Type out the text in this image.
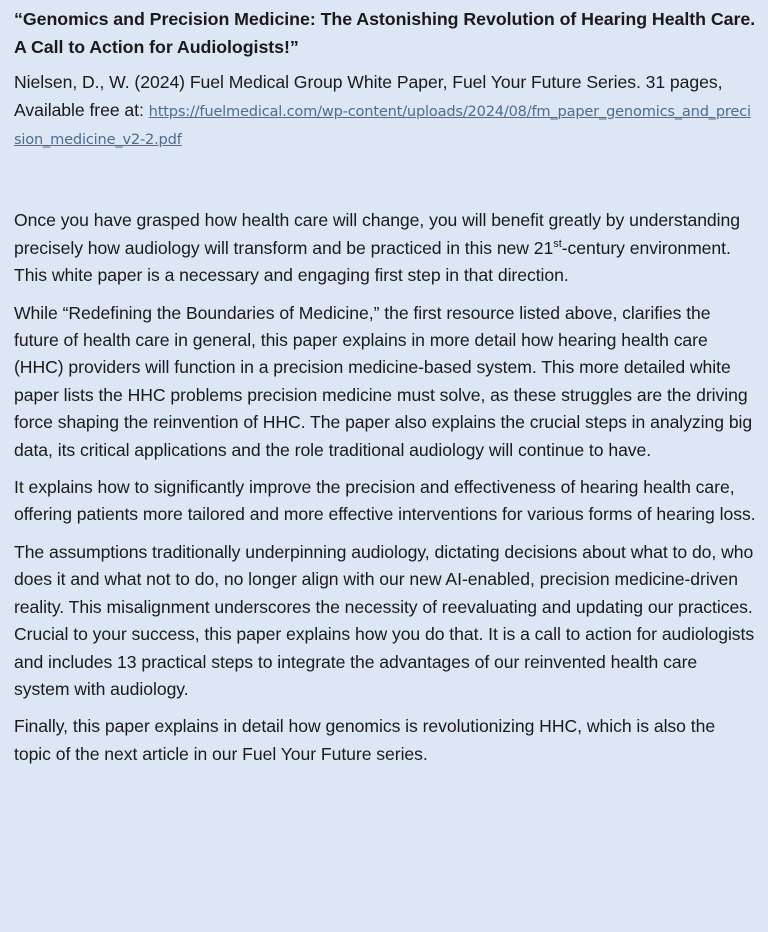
“Genomics and Precision Medicine: The Astonishing Revolution of Hearing Health Care. A Call to Action for Audiologists!”

Nielsen, D., W. (2024) Fuel Medical Group White Paper, Fuel Your Future Series. 31 pages, Available free at: https://fuelmedical.com/wp-content/uploads/2024/08/fm_paper_genomics_and_precision_medicine_v2-2.pdf

Once you have grasped how health care will change, you will benefit greatly by understanding precisely how audiology will transform and be practiced in this new 21st-century environment. This white paper is a necessary and engaging first step in that direction.

While “Redefining the Boundaries of Medicine,” the first resource listed above, clarifies the future of health care in general, this paper explains in more detail how hearing health care (HHC) providers will function in a precision medicine-based system. This more detailed white paper lists the HHC problems precision medicine must solve, as these struggles are the driving force shaping the reinvention of HHC. The paper also explains the crucial steps in analyzing big data, its critical applications and the role traditional audiology will continue to have.

It explains how to significantly improve the precision and effectiveness of hearing health care, offering patients more tailored and more effective interventions for various forms of hearing loss.

The assumptions traditionally underpinning audiology, dictating decisions about what to do, who does it and what not to do, no longer align with our new AI-enabled, precision medicine-driven reality. This misalignment underscores the necessity of reevaluating and updating our practices. Crucial to your success, this paper explains how you do that. It is a call to action for audiologists and includes 13 practical steps to integrate the advantages of our reinvented health care system with audiology.

Finally, this paper explains in detail how genomics is revolutionizing HHC, which is also the topic of the next article in our Fuel Your Future series.
